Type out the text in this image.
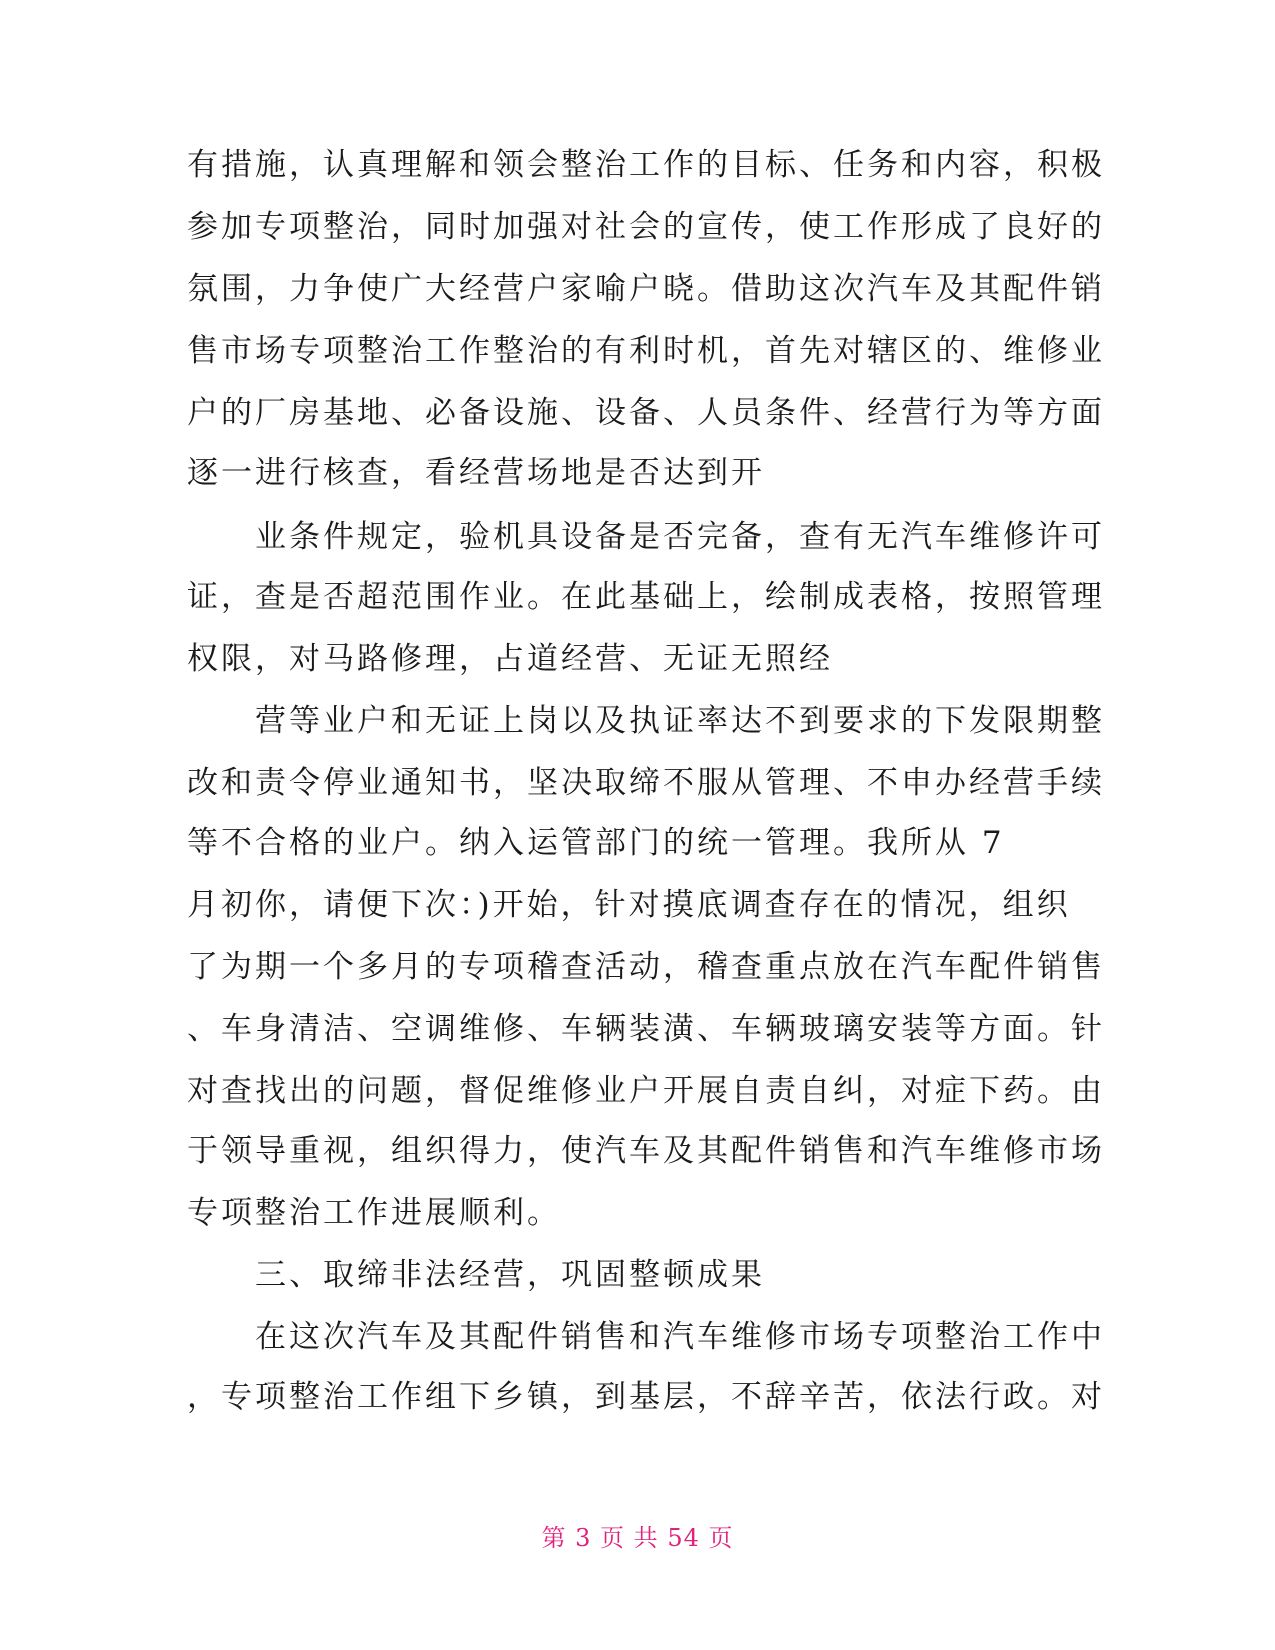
有措施，认真理解和领会整治工作的目标、任务和内容，积极
参加专项整治，同时加强对社会的宣传，使工作形成了良好的
氛围，力争使广大经营户家喻户晓。借助这次汽车及其配件销
售市场专项整治工作整治的有利时机，首先对辖区的、维修业
户的厂房基地、必备设施、设备、人员条件、经营行为等方面
逐一进行核查，看经营场地是否达到开
　　业条件规定，验机具设备是否完备，查有无汽车维修许可
证，查是否超范围作业。在此基础上，绘制成表格，按照管理
权限，对马路修理，占道经营、无证无照经
　　营等业户和无证上岗以及执证率达不到要求的下发限期整
改和责令停业通知书，坚决取缔不服从管理、不申办经营手续
等不合格的业户。纳入运管部门的统一管理。我所从 7
月初你，请便下次：)开始，针对摸底调查存在的情况，组织
了为期一个多月的专项稽查活动，稽查重点放在汽车配件销售
、车身清洁、空调维修、车辆装潢、车辆玻璃安装等方面。针
对查找出的问题，督促维修业户开展自责自纠，对症下药。由
于领导重视，组织得力，使汽车及其配件销售和汽车维修市场
专项整治工作进展顺利。
　　三、取缔非法经营，巩固整顿成果
　　在这次汽车及其配件销售和汽车维修市场专项整治工作中
，专项整治工作组下乡镇，到基层，不辞辛苦，依法行政。对
第 3 页 共 54 页
